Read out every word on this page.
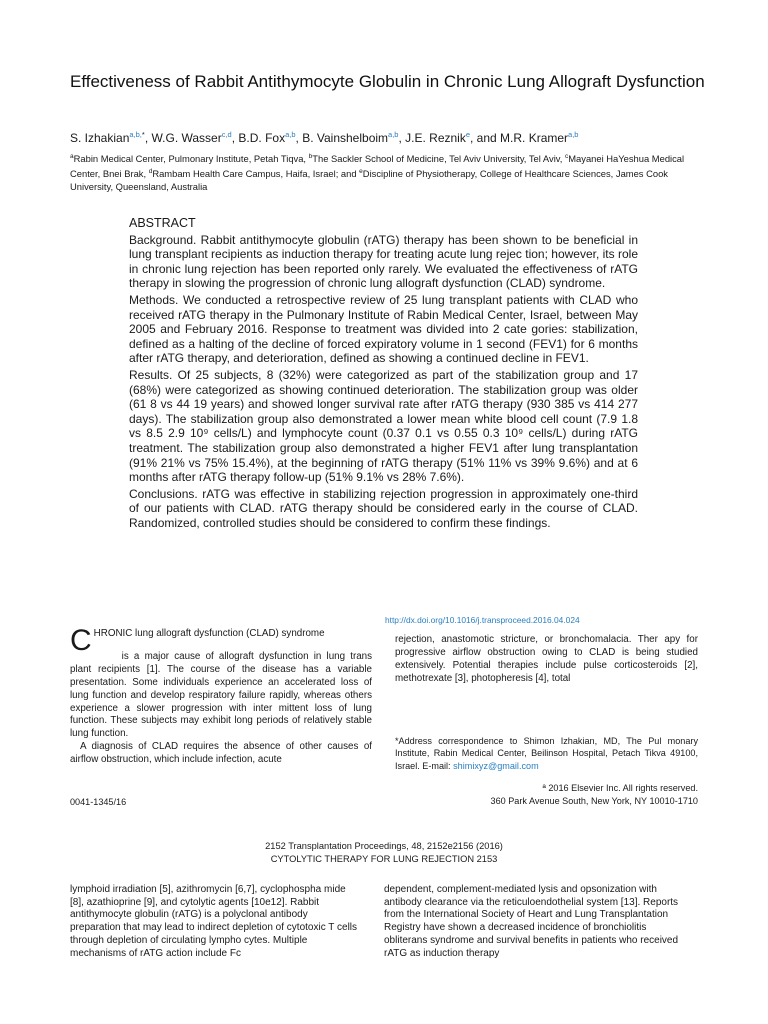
Effectiveness of Rabbit Antithymocyte Globulin in Chronic Lung Allograft Dysfunction
S. Izhakian$^{a,b,*}$, W.G. Wasser$^{c,d}$, B.D. Fox$^{a,b}$, B. Vainshelboim$^{a,b}$, J.E. Reznik$^e$, and M.R. Kramer$^{a,b}$
$^a$Rabin Medical Center, Pulmonary Institute, Petah Tiqva, $^b$The Sackler School of Medicine, Tel Aviv University, Tel Aviv, $^c$Mayanei HaYeshua Medical Center, Bnei Brak, $^d$Rambam Health Care Campus, Haifa, Israel; and $^e$Discipline of Physiotherapy, College of Healthcare Sciences, James Cook University, Queensland, Australia
ABSTRACT

Background. Rabbit antithymocyte globulin (rATG) therapy has been shown to be beneficial in lung transplant recipients as induction therapy for treating acute lung rejec tion; however, its role in chronic lung rejection has been reported only rarely. We evaluated the effectiveness of rATG therapy in slowing the progression of chronic lung allograft dysfunction (CLAD) syndrome.

Methods. We conducted a retrospective review of 25 lung transplant patients with CLAD who received rATG therapy in the Pulmonary Institute of Rabin Medical Center, Israel, between May 2005 and February 2016. Response to treatment was divided into 2 cate gories: stabilization, defined as a halting of the decline of forced expiratory volume in 1 second (FEV1) for 6 months after rATG therapy, and deterioration, defined as showing a continued decline in FEV1.

Results. Of 25 subjects, 8 (32%) were categorized as part of the stabilization group and 17 (68%) were categorized as showing continued deterioration. The stabilization group was older (61 8 vs 44 19 years) and showed longer survival rate after rATG therapy (930 385 vs 414 277 days). The stabilization group also demonstrated a lower mean white blood cell count (7.9 1.8 vs 8.5 2.9 10⁹ cells/L) and lymphocyte count (0.37 0.1 vs 0.55 0.3 10⁹ cells/L) during rATG treatment. The stabilization group also demonstrated a higher FEV1 after lung transplantation (91% 21% vs 75% 15.4%), at the beginning of rATG therapy (51% 11% vs 39% 9.6%) and at 6 months after rATG therapy follow-up (51% 9.1% vs 28% 7.6%).

Conclusions. rATG was effective in stabilizing rejection progression in approximately one-third of our patients with CLAD. rATG therapy should be considered early in the course of CLAD. Randomized, controlled studies should be considered to confirm these findings.

http://dx.doi.org/10.1016/j.transproceed.2016.04.024

C HRONIC lung allograft dysfunction (CLAD) syndrome
is a major cause of allograft dysfunction in lung trans plant recipients [1]. The course of the disease has a variable presentation. Some individuals experience an accelerated loss of lung function and develop respiratory failure rapidly, whereas others experience a slower progression with inter mittent loss of lung function. These subjects may exhibit long periods of relatively stable lung function.

A diagnosis of CLAD requires the absence of other causes of airflow obstruction, which include infection, acute

rejection, anastomotic stricture, or bronchomalacia. Ther apy for progressive airflow obstruction owing to CLAD is being studied extensively. Potential therapies include pulse corticosteroids [2], methotrexate [3], photopheresis [4], total

*Address correspondence to Shimon Izhakian, MD, The Pul monary Institute, Rabin Medical Center, Beilinson Hospital, Petach Tikva 49100, Israel. E-mail: shimixyz@gmail.com
ª 2016 Elsevier Inc. All rights reserved.
360 Park Avenue South, New York, NY 10010-1710
0041-1345/16
2152 Transplantation Proceedings, 48, 2152e2156 (2016)
CYTOLYTIC THERAPY FOR LUNG REJECTION 2153

lymphoid irradiation [5], azithromycin [6,7], cyclophospha mide [8], azathioprine [9], and cytolytic agents [10e12]. Rabbit antithymocyte globulin (rATG) is a polyclonal antibody preparation that may lead to indirect depletion of cytotoxic T cells through depletion of circulating lympho cytes. Multiple mechanisms of rATG action include Fc

dependent, complement-mediated lysis and opsonization with antibody clearance via the reticuloendothelial system [13]. Reports from the International Society of Heart and Lung Transplantation Registry have shown a decreased incidence of bronchiolitis obliterans syndrome and survival benefits in patients who received rATG as induction therapy
